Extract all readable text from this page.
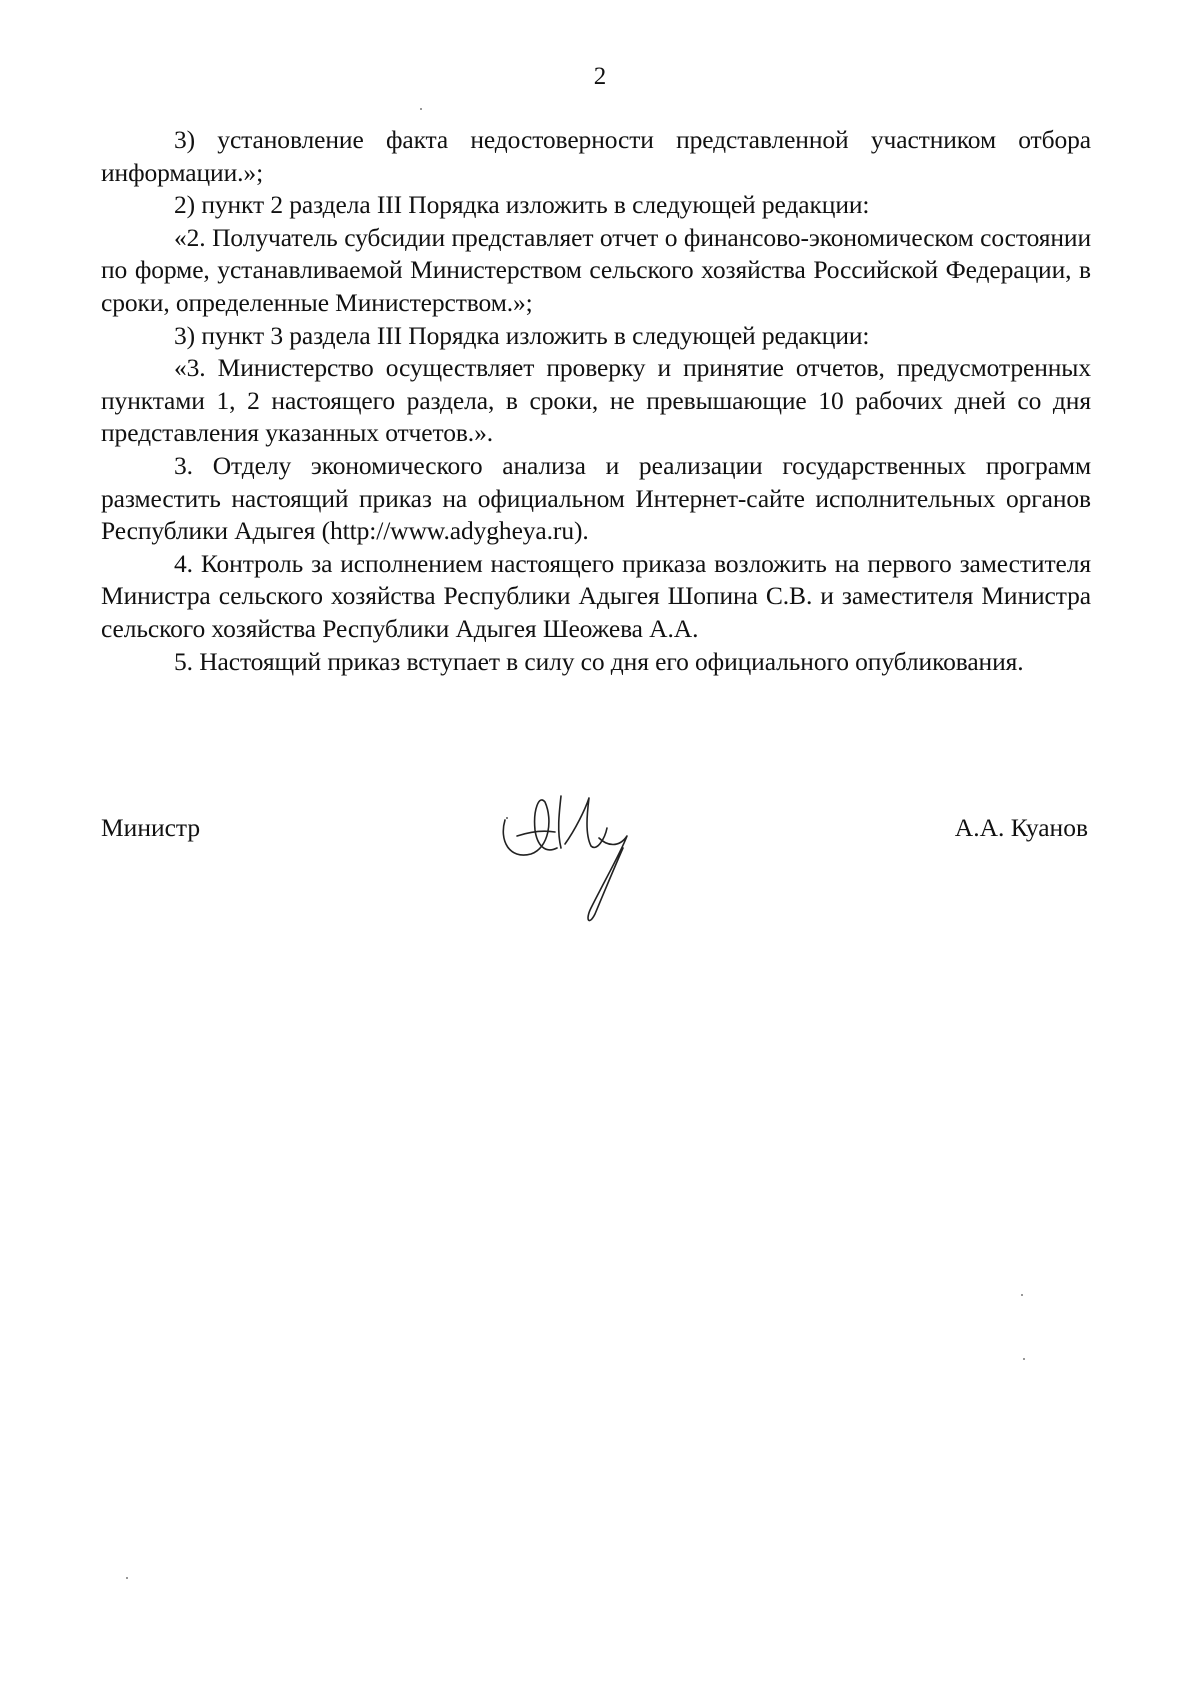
2

3) установление факта недостоверности представленной участником отбора информации.»;

2) пункт 2 раздела III Порядка изложить в следующей редакции:

«2. Получатель субсидии представляет отчет о финансово-экономическом состоянии по форме, устанавливаемой Министерством сельского хозяйства Российской Федерации, в сроки, определенные Министерством.»;

3) пункт 3 раздела III Порядка изложить в следующей редакции:

«3. Министерство осуществляет проверку и принятие отчетов, предусмотренных пунктами 1, 2 настоящего раздела, в сроки, не превышающие 10 рабочих дней со дня представления указанных отчетов.».

3. Отделу экономического анализа и реализации государственных программ разместить настоящий приказ на официальном Интернет-сайте исполнительных органов Республики Адыгея (http://www.adygheya.ru).

4. Контроль за исполнением настоящего приказа возложить на первого заместителя Министра сельского хозяйства Республики Адыгея Шопина С.В. и заместителя Министра сельского хозяйства Республики Адыгея Шеожева А.А.

5. Настоящий приказ вступает в силу со дня его официального опубликования.

Министр	А.А. Куанов
